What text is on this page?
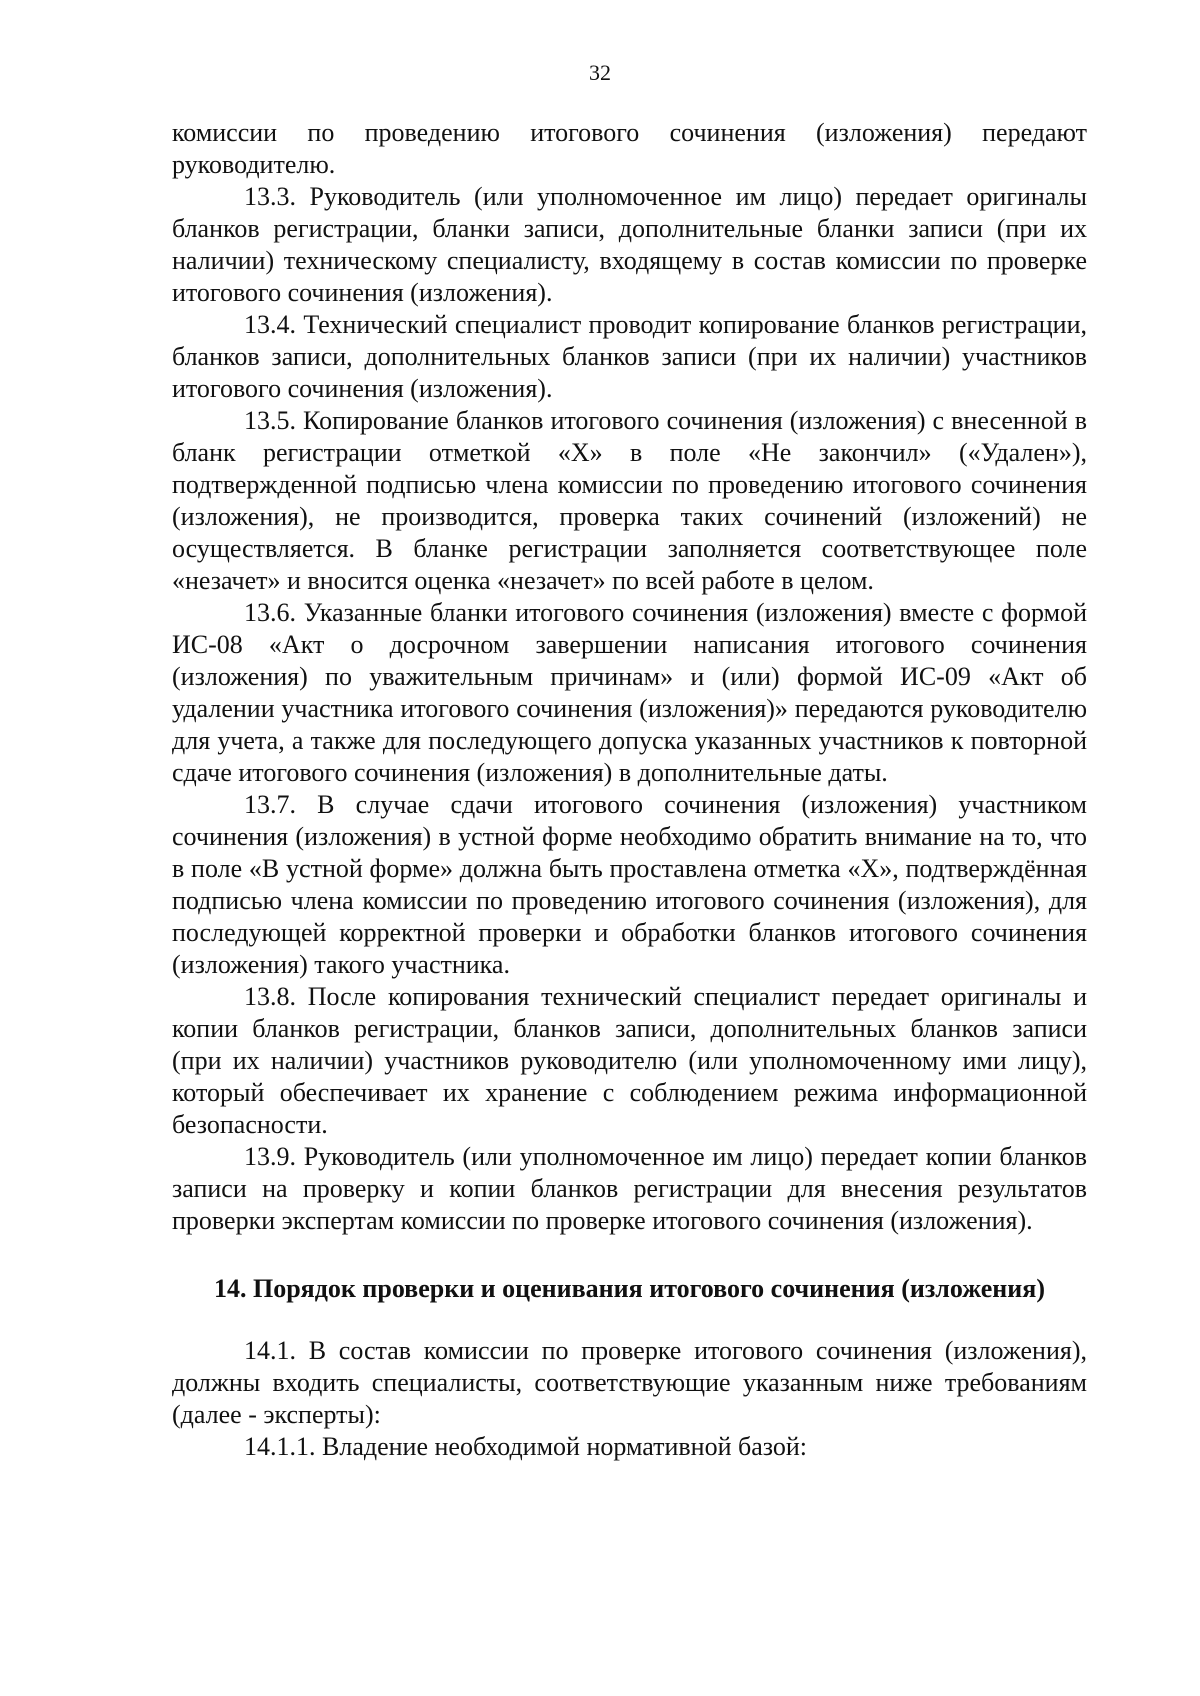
32

комиссии по проведению итогового сочинения (изложения) передают руководителю.

13.3. Руководитель (или уполномоченное им лицо) передает оригиналы бланков регистрации, бланки записи, дополнительные бланки записи (при их наличии) техническому специалисту, входящему в состав комиссии по проверке итогового сочинения (изложения).

13.4. Технический специалист проводит копирование бланков регистрации, бланков записи, дополнительных бланков записи (при их наличии) участников итогового сочинения (изложения).

13.5. Копирование бланков итогового сочинения (изложения) с внесенной в бланк регистрации отметкой «Х» в поле «Не закончил» («Удален»), подтвержденной подписью члена комиссии по проведению итогового сочинения (изложения), не производится, проверка таких сочинений (изложений) не осуществляется. В бланке регистрации заполняется соответствующее поле «незачет» и вносится оценка «незачет» по всей работе в целом.

13.6. Указанные бланки итогового сочинения (изложения) вместе с формой ИС-08 «Акт о досрочном завершении написания итогового сочинения (изложения) по уважительным причинам» и (или) формой ИС-09 «Акт об удалении участника итогового сочинения (изложения)» передаются руководителю для учета, а также для последующего допуска указанных участников к повторной сдаче итогового сочинения (изложения) в дополнительные даты.

13.7. В случае сдачи итогового сочинения (изложения) участником сочинения (изложения) в устной форме необходимо обратить внимание на то, что в поле «В устной форме» должна быть проставлена отметка «Х», подтверждённая подписью члена комиссии по проведению итогового сочинения (изложения), для последующей корректной проверки и обработки бланков итогового сочинения (изложения) такого участника.

13.8. После копирования технический специалист передает оригиналы и копии бланков регистрации, бланков записи, дополнительных бланков записи (при их наличии) участников руководителю (или уполномоченному ими лицу), который обеспечивает их хранение с соблюдением режима информационной безопасности.

13.9. Руководитель (или уполномоченное им лицо) передает копии бланков записи на проверку и копии бланков регистрации для внесения результатов проверки экспертам комиссии по проверке итогового сочинения (изложения).

14. Порядок проверки и оценивания итогового сочинения (изложения)

14.1. В состав комиссии по проверке итогового сочинения (изложения), должны входить специалисты, соответствующие указанным ниже требованиям (далее - эксперты):

14.1.1. Владение необходимой нормативной базой:
